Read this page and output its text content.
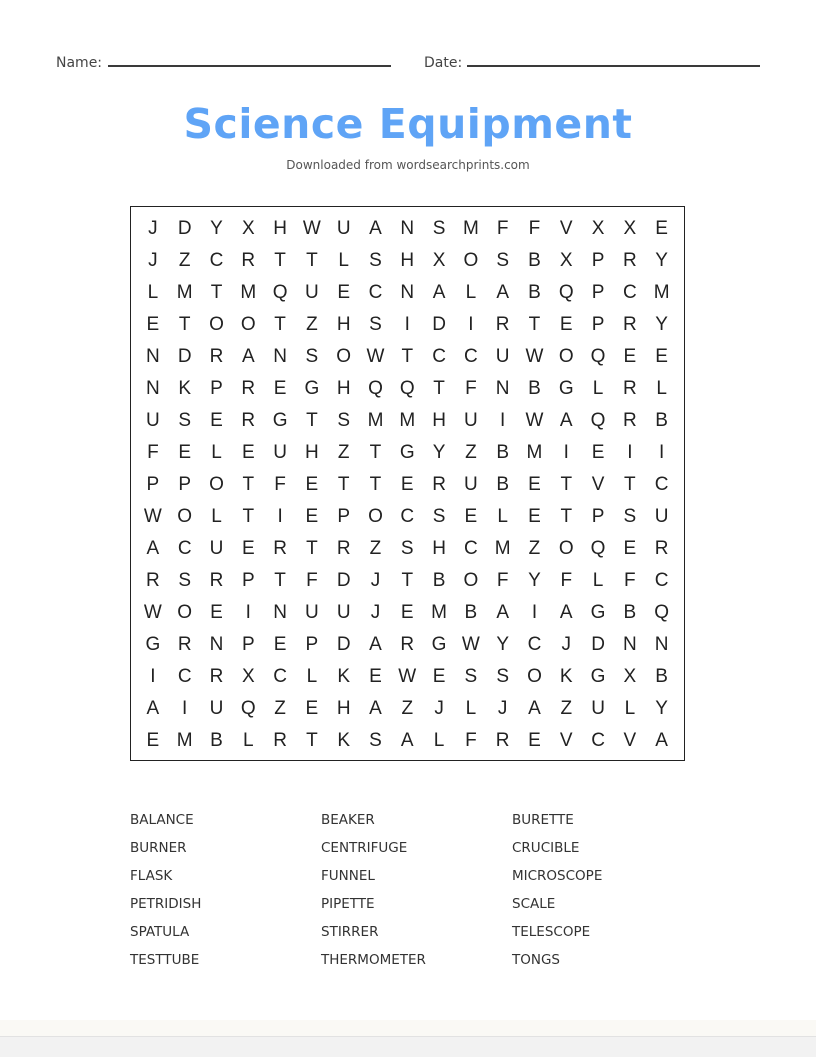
Name:	Date:
Science Equipment
Downloaded from wordsearchprints.com
J	D Y	X H W U A N S M F	F	V	X	X	E
J	Z	C R	T	T	L	S H X O S	B	X	P R Y
L M T M Q U E C N A	L	A	B Q P C M
E	T O O T	Z	H S	I	D	I	R	T	E	P R Y
N D R A N S O W T	C C U W O Q E	E
N K	P R E G H Q Q T	F	N B G	L	R	L
U S	E R G T	S M M H U	I	W A Q R B
F	E	L	E U H	Z	T G Y	Z	B M	I	E	I	I
P	P O T	F	E	T	T	E R U B	E	T	V	T	C
W O	L	T	I	E	P O C S	E	L	E	T	P	S U
A C U E R	T	R	Z	S H C M Z O Q E R
R S R P	T	F	D	J	T	B O F	Y	F	L	F	C
W O E	I	N U U	J	E M B	A	I	A G B Q
G R N P	E	P D A R G W Y C	J	D N N
I	C R X C	L	K	E W E	S	S O K G X	B
A	I	U Q Z	E H A	Z	J	L	J	A	Z	U	L	Y
E M B	L	R	T	K	S	A	L	F	R E	V C V	A
BALANCE	BEAKER	BURETTE
BURNER	CENTRIFUGE	CRUCIBLE
FLASK	FUNNEL	MICROSCOPE
PETRIDISH	PIPETTE	SCALE
SPATULA	STIRRER	TELESCOPE
TESTTUBE	THERMOMETER	TONGS
